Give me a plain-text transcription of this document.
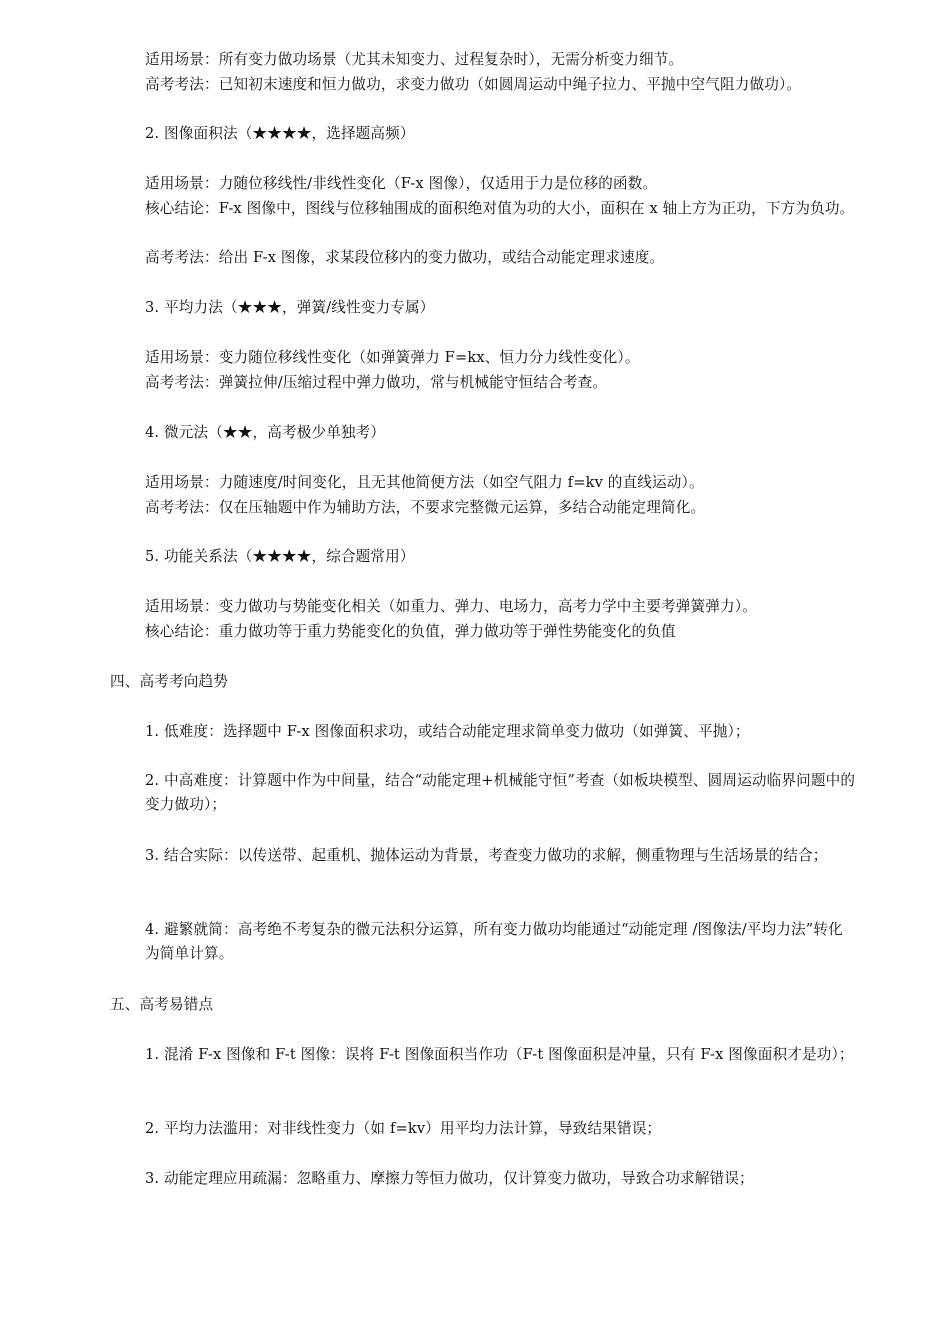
适用场景：所有变力做功场景（尤其未知变力、过程复杂时），无需分析变力细节。
高考考法：已知初末速度和恒力做功，求变力做功（如圆周运动中绳子拉力、平抛中空气阻力做功）。
2. 图像面积法（★★★★，选择题高频）
适用场景：力随位移线性/非线性变化（F-x 图像），仅适用于力是位移的函数。
核心结论：F-x 图像中，图线与位移轴围成的面积绝对值为功的大小，面积在 x 轴上方为正功，下方为负功。
高考考法：给出 F-x 图像，求某段位移内的变力做功，或结合动能定理求速度。
3. 平均力法（★★★，弹簧/线性变力专属）
适用场景：变力随位移线性变化（如弹簧弹力 F=kx、恒力分力线性变化）。
高考考法：弹簧拉伸/压缩过程中弹力做功，常与机械能守恒结合考查。
4. 微元法（★★，高考极少单独考）
适用场景：力随速度/时间变化，且无其他简便方法（如空气阻力 f=kv 的直线运动）。
高考考法：仅在压轴题中作为辅助方法，不要求完整微元运算，多结合动能定理简化。
5. 功能关系法（★★★★，综合题常用）
适用场景：变力做功与势能变化相关（如重力、弹力、电场力，高考力学中主要考弹簧弹力）。
核心结论：重力做功等于重力势能变化的负值，弹力做功等于弹性势能变化的负值
四、高考考向趋势
1. 低难度：选择题中 F-x 图像面积求功，或结合动能定理求简单变力做功（如弹簧、平抛）；
2. 中高难度：计算题中作为中间量，结合“动能定理+机械能守恒”考查（如板块模型、圆周运动临界问题中的变力做功）；
3. 结合实际：以传送带、起重机、抛体运动为背景，考查变力做功的求解，侧重物理与生活场景的结合；
4. 避繁就简：高考绝不考复杂的微元法积分运算，所有变力做功均能通过“动能定理 /图像法/平均力法”转化为简单计算。
五、高考易错点
1. 混淆 F-x 图像和 F-t 图像：误将 F-t 图像面积当作功（F-t 图像面积是冲量，只有 F-x 图像面积才是功）；
2. 平均力法滥用：对非线性变力（如 f=kv）用平均力法计算，导致结果错误；
3. 动能定理应用疏漏：忽略重力、摩擦力等恒力做功，仅计算变力做功，导致合功求解错误；
